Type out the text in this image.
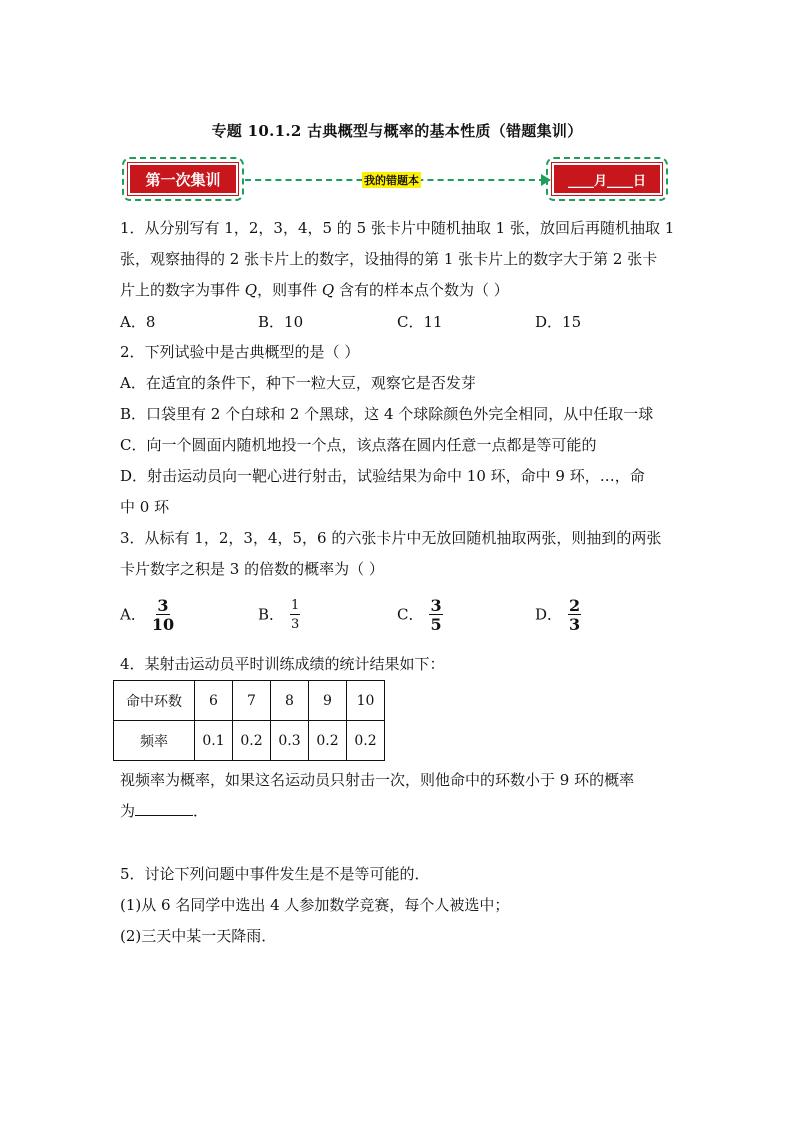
专题 10.1.2 古典概型与概率的基本性质（错题集训）
第一次集训	我的错题本	____月____日
1．从分别写有 1，2，3，4，5 的 5 张卡片中随机抽取 1 张，放回后再随机抽取 1
张，观察抽得的 2 张卡片上的数字，设抽得的第 1 张卡片上的数字大于第 2 张卡
片上的数字为事件 Q，则事件 Q 含有的样本点个数为（ ）
A．8	B．10	C．11	D．15
2．下列试验中是古典概型的是（ ）
A．在适宜的条件下，种下一粒大豆，观察它是否发芽
B．口袋里有 2 个白球和 2 个黑球，这 4 个球除颜色外完全相同，从中任取一球
C．向一个圆面内随机地投一个点，该点落在圆内任意一点都是等可能的
D．射击运动员向一靶心进行射击，试验结果为命中 10 环，命中 9 环，…，命
中 0 环
3．从标有 1，2，3，4，5，6 的六张卡片中无放回随机抽取两张，则抽到的两张
卡片数字之积是 3 的倍数的概率为（ ）
A． $\frac{3}{10}$	B． $\frac{1}{3}$	C． $\frac{3}{5}$	D． $\frac{2}{3}$
4．某射击运动员平时训练成绩的统计结果如下：
命中环数	6	7	8	9	10
频率	0.1	0.2	0.3	0.2	0.2
视频率为概率，如果这名运动员只射击一次，则他命中的环数小于 9 环的概率
为	．
5．讨论下列问题中事件发生是不是等可能的．
(1)从 6 名同学中选出 4 人参加数学竞赛，每个人被选中；
(2)三天中某一天降雨．
